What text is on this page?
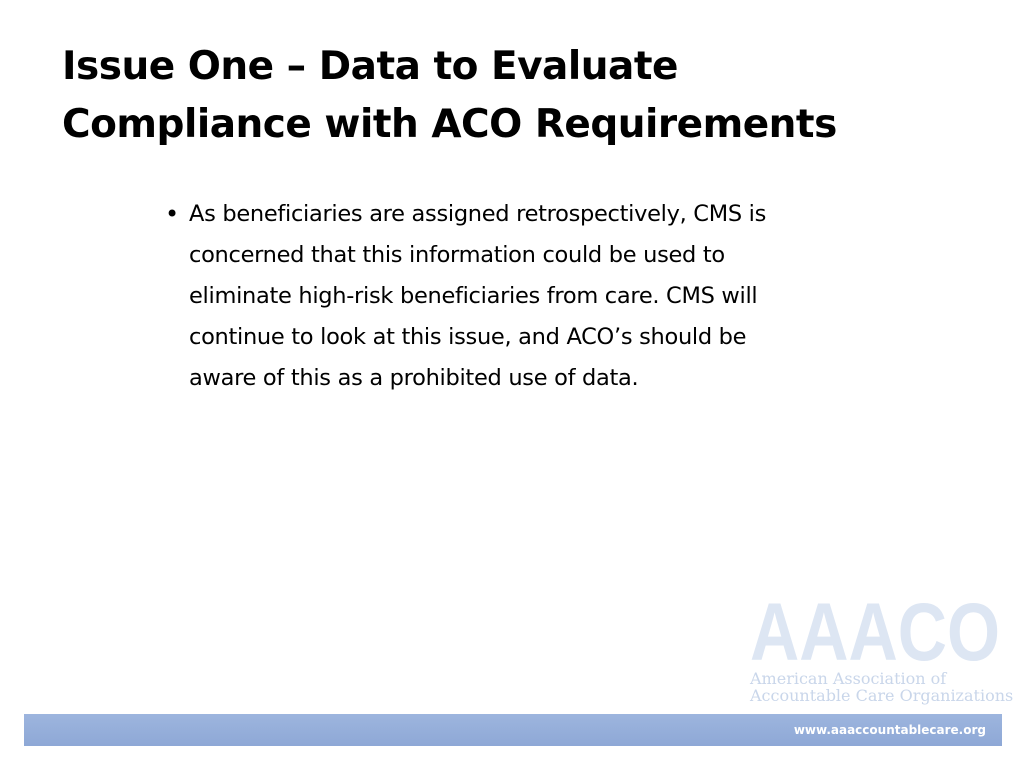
Issue One – Data to Evaluate
Compliance with ACO Requirements
• As beneficiaries are assigned retrospectively, CMS is
concerned that this information could be used to
eliminate high-risk beneficiaries from care. CMS will
continue to look at this issue, and ACO’s should be
aware of this as a prohibited use of data.
AAACO
American Association of
Accountable Care Organizations
www.aaaccountablecare.org
